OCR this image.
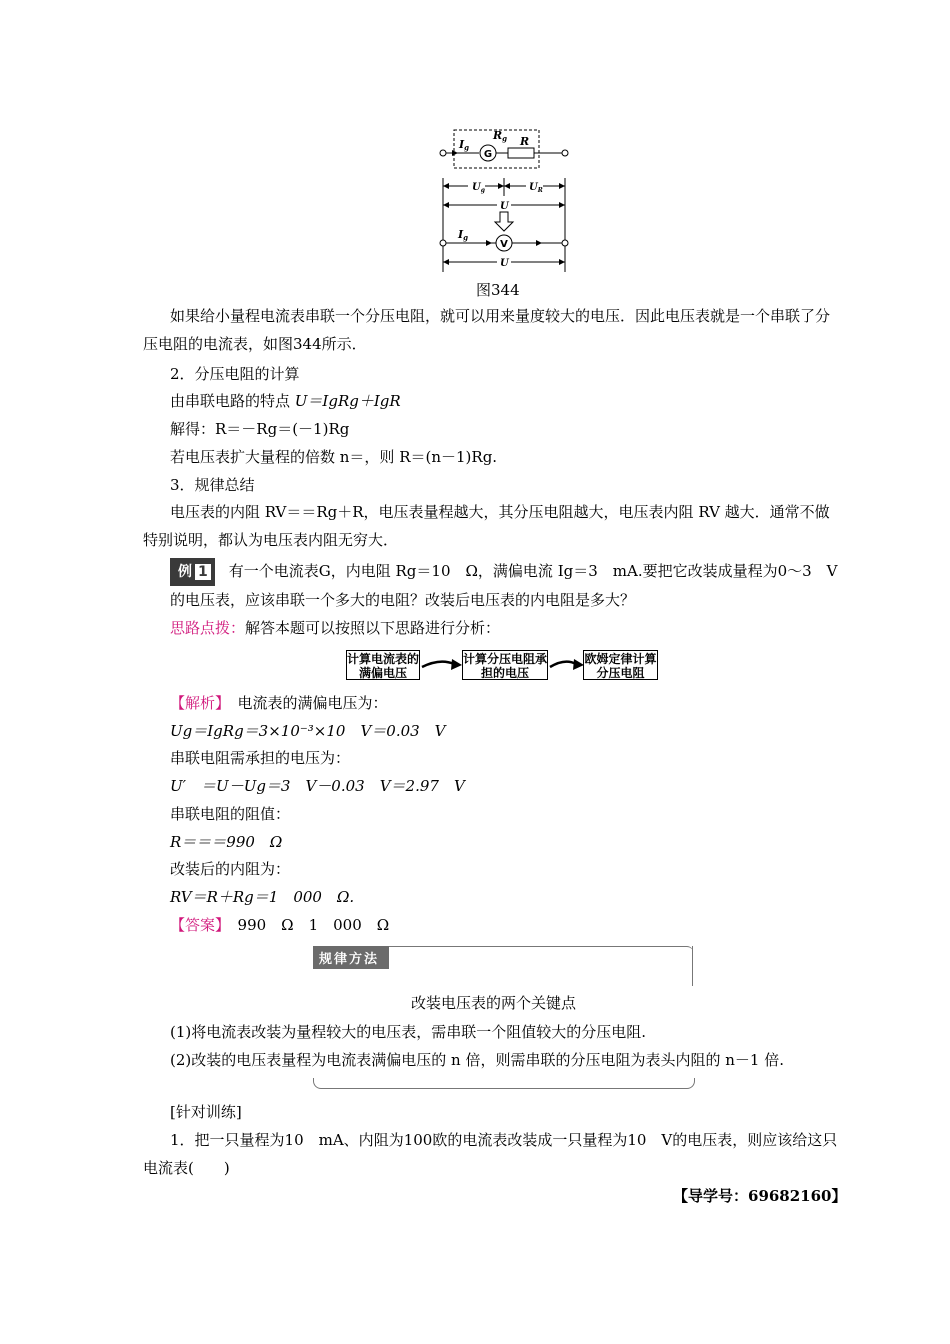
G
Ig
Rg R
$U_g$	$U_R$
U
Ig
V
U
图344
如果给小量程电流表串联一个分压电阻，就可以用来量度较大的电压．因此电压表就是一个串联了分压电阻的电流表，如图344所示．
2．分压电阻的计算
由串联电路的特点 U＝IgRg＋IgR
解得：R＝－Rg＝(－1)Rg
若电压表扩大量程的倍数 n＝，则 R＝(n－1)Rg.
3．规律总结
电压表的内阻 RV＝＝Rg＋R，电压表量程越大，其分压电阻越大，电压表内阻 RV 越大．通常不做特别说明，都认为电压表内阻无穷大．
例 1 有一个电流表G，内电阻 Rg＝10　Ω，满偏电流 Ig＝3　mA.要把它改装成量程为0～3　V的电压表，应该串联一个多大的电阻？改装后电压表的内电阻是多大？
思路点拨：解答本题可以按照以下思路进行分析：
计算电流表的满偏电压
计算分压电阻承担的电压
欧姆定律计算分压电阻
【解析】　 电流表的满偏电压为：
Ug＝IgRg＝3×10⁻³×10　V＝0.03　V
串联电阻需承担的电压为：
U′　＝U－Ug＝3　V－0.03　V＝2.97　V
串联电阻的阻值：
R＝＝＝990　Ω
改装后的内阻为：
RV＝R＋Rg＝1　000　Ω.
【答案】　 990　Ω　1　000　Ω
规律方法
改装电压表的两个关键点
(1)将电流表改装为量程较大的电压表，需串联一个阻值较大的分压电阻.
(2)改装的电压表量程为电流表满偏电压的 n 倍，则需串联的分压电阻为表头内阻的 n－1 倍.
[针对训练]
1．把一只量程为10　mA、内阻为100欧的电流表改装成一只量程为10　V的电压表，则应该给这只电流表(　　)
【导学号：69682160】
